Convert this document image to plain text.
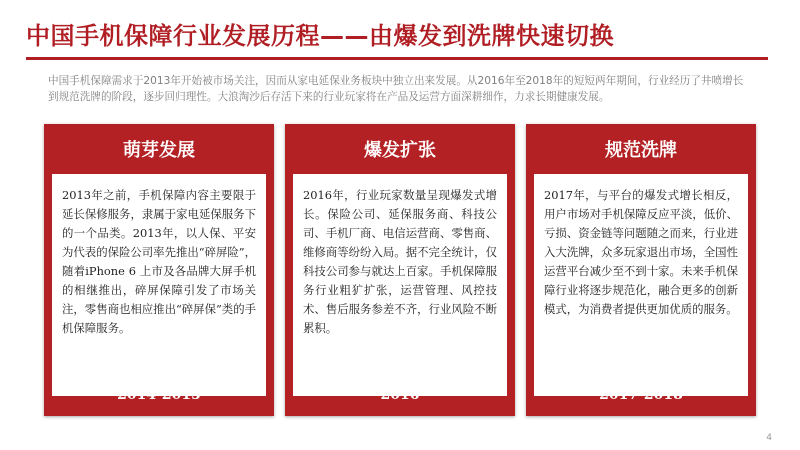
中国手机保障行业发展历程——由爆发到洗牌快速切换
中国手机保障需求于2013年开始被市场关注，因而从家电延保业务板块中独立出来发展。从2016年至2018年的短短两年期间，行业经历了井喷增长到规范洗牌的阶段，逐步回归理性。大浪淘沙后存活下来的行业玩家将在产品及运营方面深耕细作，力求长期健康发展。
萌芽发展

2013年之前，手机保障内容主要限于延长保修服务，隶属于家电延保服务下的一个品类。2013年，以人保、平安为代表的保险公司率先推出“碎屏险”，随着iPhone 6 上市及各品牌大屏手机的相继推出，碎屏保障引发了市场关注，零售商也相应推出“碎屏保”类的手机保障服务。

2014-2015
爆发扩张

2016年，行业玩家数量呈现爆发式增长。保险公司、延保服务商、科技公司、手机厂商、电信运营商、零售商、维修商等纷纷入局。据不完全统计，仅科技公司参与就达上百家。手机保障服务行业粗犷扩张，运营管理、风控技术、售后服务参差不齐，行业风险不断累积。

2016
规范洗牌

2017年，与平台的爆发式增长相反，用户市场对手机保障反应平淡，低价、亏损、资金链等问题随之而来，行业进入大洗牌，众多玩家退出市场，全国性运营平台减少至不到十家。未来手机保障行业将逐步规范化，融合更多的创新模式，为消费者提供更加优质的服务。

2017-2018
4
